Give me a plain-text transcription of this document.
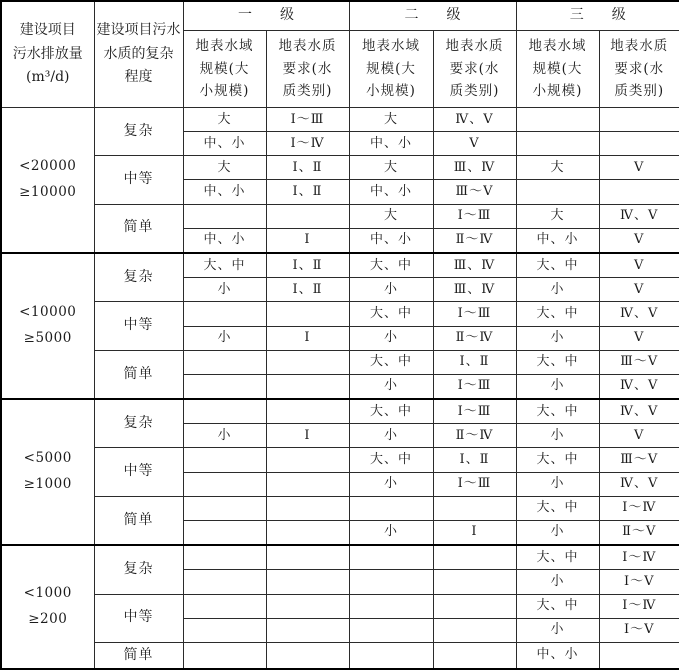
建设项目
污水排放量
(m³/d)	建设项目污水
水质的复杂
程度	一　　级		二　　级		三　　级	

		地表水域
规模(大
小规模)	地表水质
要求(水
质类别)	地表水域
规模(大
小规模)	地表水质
要求(水
质类别)	地表水域
规模(大
小规模)	地表水质
要求(水
质类别)

<20000
≥10000	复杂	大	Ⅰ～Ⅲ	大	Ⅳ、Ⅴ		
		中、小	Ⅰ～Ⅳ	中、小	Ⅴ		
	中等	大	Ⅰ、Ⅱ	大	Ⅲ、Ⅳ	大	Ⅴ
		中、小	Ⅰ、Ⅱ	中、小	Ⅲ～Ⅴ		
	简单			大	Ⅰ～Ⅲ	大	Ⅳ、Ⅴ
		中、小	Ⅰ	中、小	Ⅱ～Ⅳ	中、小	Ⅴ

<10000
≥5000	复杂	大、中	Ⅰ、Ⅱ	大、中	Ⅲ、Ⅳ	大、中	Ⅴ
		小	Ⅰ、Ⅱ	小	Ⅲ、Ⅳ	小	Ⅴ
	中等			大、中	Ⅰ～Ⅲ	大、中	Ⅳ、Ⅴ
		小	Ⅰ	小	Ⅱ～Ⅳ	小	Ⅴ
	简单			大、中	Ⅰ、Ⅱ	大、中	Ⅲ～Ⅴ
				小	Ⅰ～Ⅲ	小	Ⅳ、Ⅴ

<5000
≥1000	复杂			大、中	Ⅰ～Ⅲ	大、中	Ⅳ、Ⅴ
		小	Ⅰ	小	Ⅱ～Ⅳ	小	Ⅴ
	中等			大、中	Ⅰ、Ⅱ	大、中	Ⅲ～Ⅴ
				小	Ⅰ～Ⅲ	小	Ⅳ、Ⅴ
	简单					大、中	Ⅰ～Ⅳ
				小	Ⅰ	小	Ⅱ～Ⅴ

<1000
≥200	复杂					大、中	Ⅰ～Ⅳ
						小	Ⅰ～Ⅴ
	中等					大、中	Ⅰ～Ⅳ
						小	Ⅰ～Ⅴ
	简单					中、小	
